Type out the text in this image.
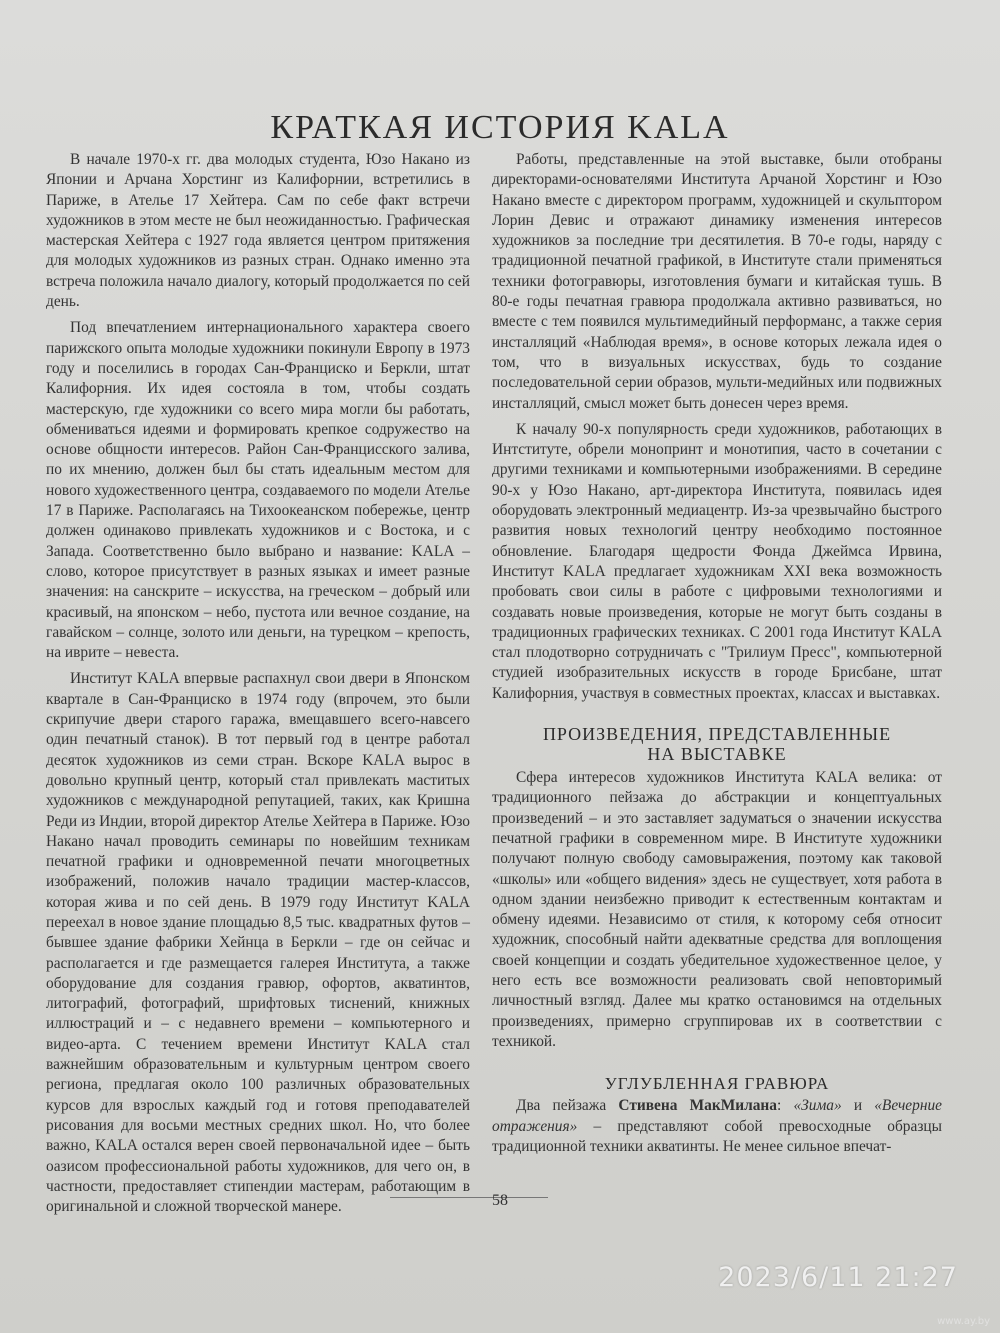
КРАТКАЯ ИСТОРИЯ KALA

В начале 1970-х гг. два молодых студента, Юзо Накано из Японии и Арчана Хорстинг из Калифорнии, встретились в Париже, в Ателье 17 Хейтера. Сам по себе факт встречи художников в этом месте не был неожиданностью. Графическая мастерская Хейтера с 1927 года является центром притяжения для молодых художников из разных стран. Однако именно эта встреча положила начало диалогу, который продолжается по сей день.

Под впечатлением интернационального характера своего парижского опыта молодые художники покинули Европу в 1973 году и поселились в городах Сан-Франциско и Беркли, штат Калифорния. Их идея состояла в том, чтобы создать мастерскую, где художники со всего мира могли бы работать, обмениваться идеями и формировать крепкое содружество на основе общности интересов. Район Сан-Францисского залива, по их мнению, должен был бы стать идеальным местом для нового художественного центра, создаваемого по модели Ателье 17 в Париже. Располагаясь на Тихоокеанском побережье, центр должен одинаково привлекать художников и с Востока, и с Запада. Соответственно было выбрано и название: KALA – слово, которое присутствует в разных языках и имеет разные значения: на санскрите – искусства, на греческом – добрый или красивый, на японском – небо, пустота или вечное создание, на гавайском – солнце, золото или деньги, на турецком – крепость, на иврите – невеста.

Институт KALA впервые распахнул свои двери в Японском квартале в Сан-Франциско в 1974 году (впрочем, это были скрипучие двери старого гаража, вмещавшего всего-навсего один печатный станок). В тот первый год в центре работал десяток художников из семи стран. Вскоре KALA вырос в довольно крупный центр, который стал привлекать маститых художников с международной репутацией, таких, как Кришна Реди из Индии, второй директор Ателье Хейтера в Париже. Юзо Накано начал проводить семинары по новейшим техникам печатной графики и одновременной печати многоцветных изображений, положив начало традиции мастер-классов, которая жива и по сей день. В 1979 году Институт KALA переехал в новое здание площадью 8,5 тыс. квадратных футов – бывшее здание фабрики Хейнца в Беркли – где он сейчас и располагается и где размещается галерея Института, а также оборудование для создания гравюр, офортов, акватинтов, литографий, фотографий, шрифтовых тиснений, книжных иллюстраций и – с недавнего времени – компьютерного и видео-арта. С течением времени Институт KALA стал важнейшим образовательным и культурным центром своего региона, предлагая около 100 различных образовательных курсов для взрослых каждый год и готовя преподавателей рисования для восьми местных средних школ. Но, что более важно, KALA остался верен своей первоначальной идее – быть оазисом профессиональной работы художников, для чего он, в частности, предоставляет стипендии мастерам, работающим в оригинальной и сложной творческой манере.

Работы, представленные на этой выставке, были отобраны директорами-основателями Института Арчаной Хорстинг и Юзо Накано вместе с директором программ, художницей и скульптором Лорин Девис и отражают динамику изменения интересов художников за последние три десятилетия. В 70-е годы, наряду с традиционной печатной графикой, в Институте стали применяться техники фотогравюры, изготовления бумаги и китайская тушь. В 80-е годы печатная гравюра продолжала активно развиваться, но вместе с тем появился мультимедийный перформанс, а также серия инсталляций «Наблюдая время», в основе которых лежала идея о том, что в визуальных искусствах, будь то создание последовательной серии образов, мульти-медийных или подвижных инсталляций, смысл может быть донесен через время.

К началу 90-х популярность среди художников, работающих в Интституте, обрели монопринт и монотипия, часто в сочетании с другими техниками и компьютерными изображениями. В середине 90-х у Юзо Накано, арт-директора Института, появилась идея оборудовать электронный медиацентр. Из-за чрезвычайно быстрого развития новых технологий центру необходимо постоянное обновление. Благодаря щедрости Фонда Джеймса Ирвина, Институт KALA предлагает художникам XXI века возможность пробовать свои силы в работе с цифровыми технологиями и создавать новые произведения, которые не могут быть созданы в традиционных графических техниках. С 2001 года Институт KALA стал плодотворно сотрудничать с "Трилиум Пресс", компьютерной студией изобразительных искусств в городе Брисбане, штат Калифорния, участвуя в совместных проектах, классах и выставках.

ПРОИЗВЕДЕНИЯ, ПРЕДСТАВЛЕННЫЕ
НА ВЫСТАВКЕ

Сфера интересов художников Института KALA велика: от традиционного пейзажа до абстракции и концептуальных произведений – и это заставляет задуматься о значении искусства печатной графики в современном мире. В Институте художники получают полную свободу самовыражения, поэтому как таковой «школы» или «общего видения» здесь не существует, хотя работа в одном здании неизбежно приводит к естественным контактам и обмену идеями. Независимо от стиля, к которому себя относит художник, способный найти адекватные средства для воплощения своей концепции и создать убедительное художественное целое, у него есть все возможности реализовать свой неповторимый личностный взгляд. Далее мы кратко остановимся на отдельных произведениях, примерно сгруппировав их в соответствии с техникой.

УГЛУБЛЕННАЯ ГРАВЮРА

Два пейзажа Стивена МакМилана: «Зима» и «Вечерние отражения» – представляют собой превосходные образцы традиционной техники акватинты. Не менее сильное впечат-

58
2023/6/11 21:27
www.ay.by
